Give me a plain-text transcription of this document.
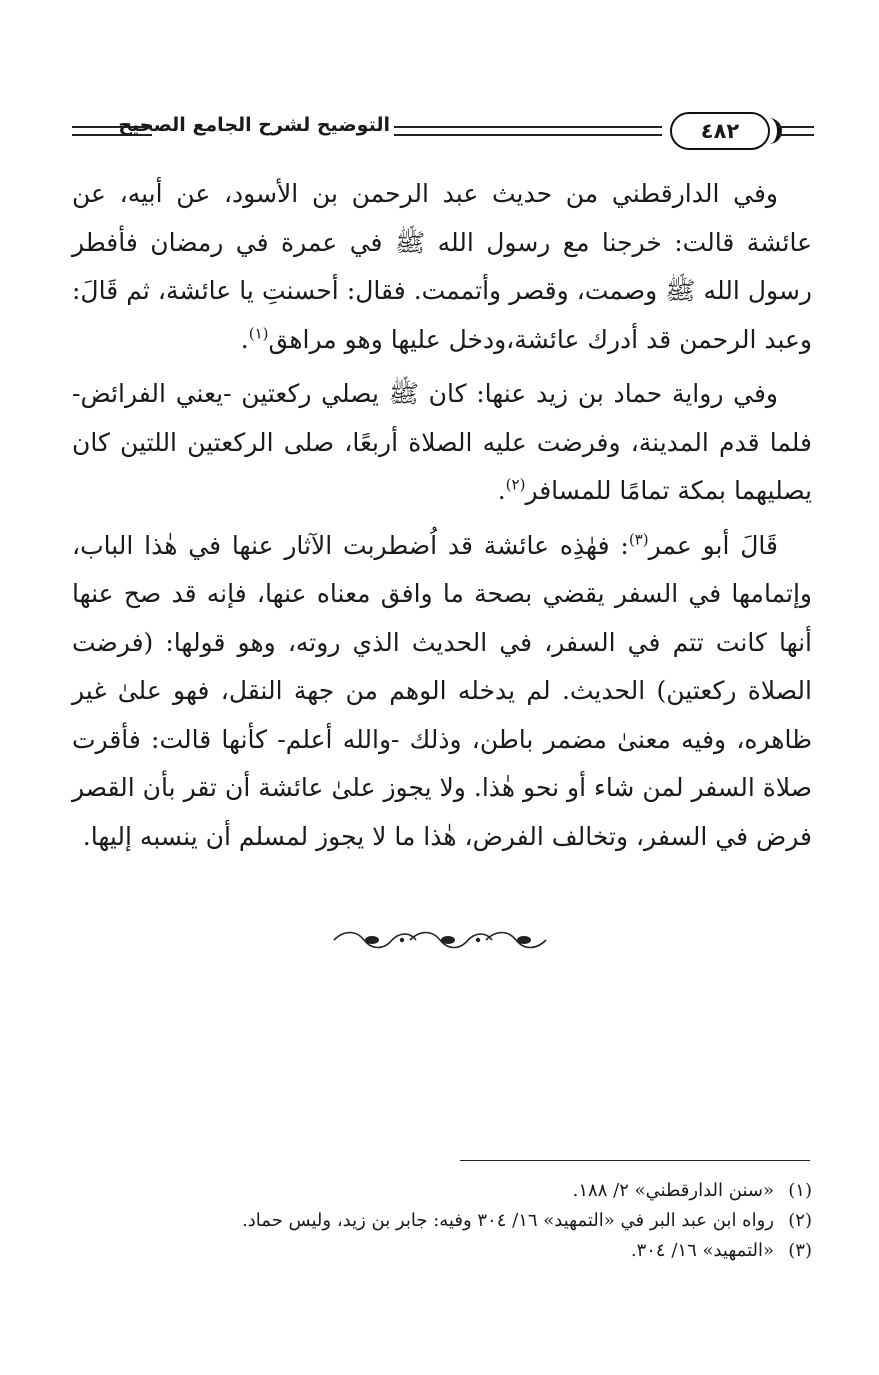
التوضيح لشرح الجامع الصحيح	٤٨٢

وفي الدارقطني من حديث عبد الرحمن بن الأسود، عن أبيه، عن عائشة قالت: خرجنا مع رسول الله ﷺ في عمرة في رمضان فأفطر رسول الله ﷺ وصمت، وقصر وأتممت. فقال: أحسنتِ يا عائشة، ثم قَالَ: وعبد الرحمن قد أدرك عائشة،ودخل عليها وهو مراهق$^{(١)}$.

وفي رواية حماد بن زيد عنها: كان ﷺ يصلي ركعتين -يعني الفرائض- فلما قدم المدينة، وفرضت عليه الصلاة أربعًا، صلى الركعتين اللتين كان يصليهما بمكة تمامًا للمسافر$^{(٢)}$.

قَالَ أبو عمر$^{(٣)}$: فهٰذِه عائشة قد اُضطربت الآثار عنها في هٰذا الباب، وإتمامها في السفر يقضي بصحة ما وافق معناه عنها، فإنه قد صح عنها أنها كانت تتم في السفر، في الحديث الذي روته، وهو قولها: (فرضت الصلاة ركعتين) الحديث. لم يدخله الوهم من جهة النقل، فهو علىٰ غير ظاهره، وفيه معنىٰ مضمر باطن، وذلك -والله أعلم- كأنها قالت: فأقرت صلاة السفر لمن شاء أو نحو هٰذا. ولا يجوز علىٰ عائشة أن تقر بأن القصر فرض في السفر، وتخالف الفرض، هٰذا ما لا يجوز لمسلم أن ينسبه إليها.

(١)«سنن الدارقطني» ٢/ ١٨٨.
(٢)رواه ابن عبد البر في «التمهيد» ١٦/ ٣٠٤ وفيه: جابر بن زيد، وليس حماد.
(٣)«التمهيد» ١٦/ ٣٠٤.
